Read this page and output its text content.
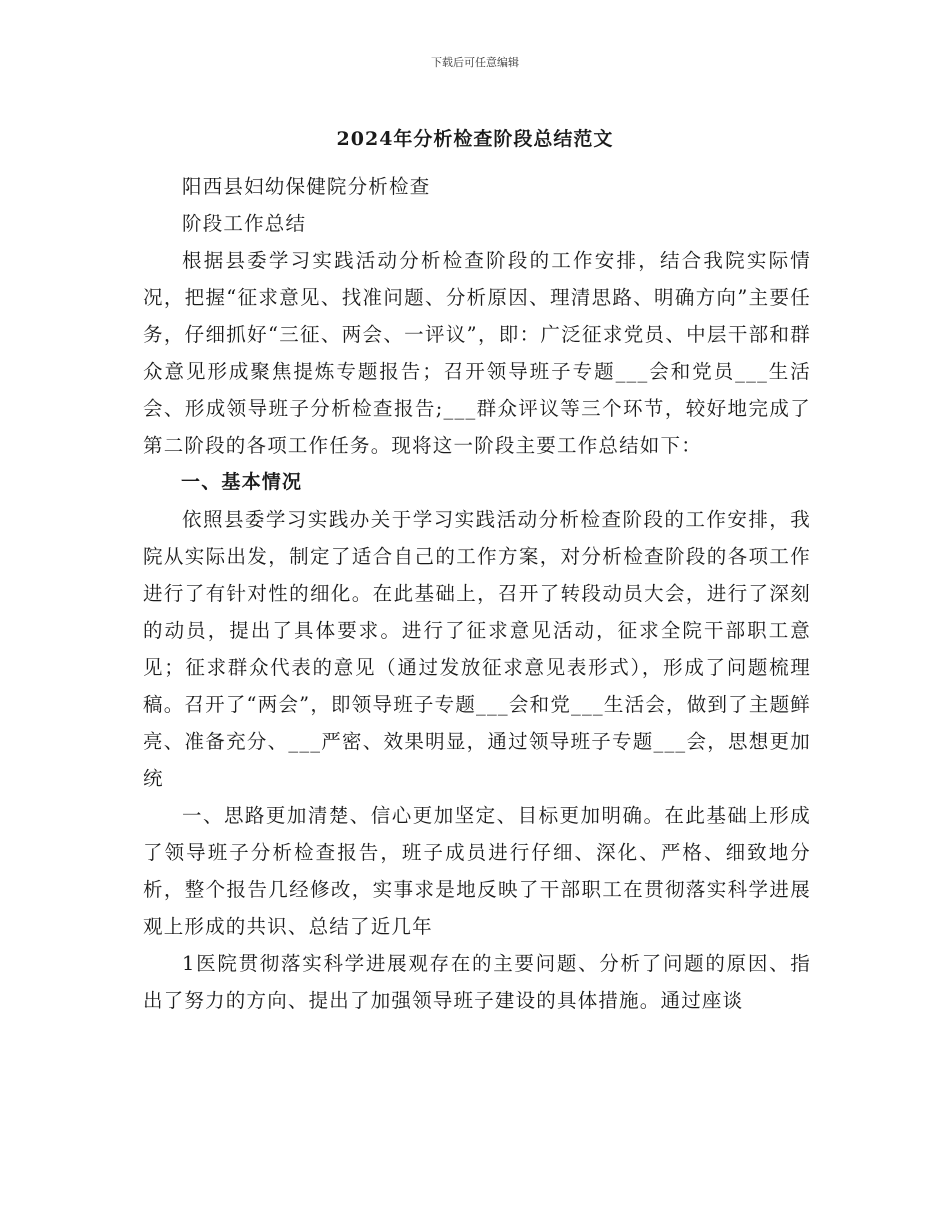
下载后可任意编辑
2024年分析检查阶段总结范文

阳西县妇幼保健院分析检查

阶段工作总结

根据县委学习实践活动分析检查阶段的工作安排，结合我院实际情况，把握“征求意见、找准问题、分析原因、理清思路、明确方向”主要任务，仔细抓好“三征、两会、一评议”，即：广泛征求党员、中层干部和群众意见形成聚焦提炼专题报告；召开领导班子专题___会和党员___生活会、形成领导班子分析检查报告;___群众评议等三个环节，较好地完成了第二阶段的各项工作任务。现将这一阶段主要工作总结如下：

一、基本情况

依照县委学习实践办关于学习实践活动分析检查阶段的工作安排，我院从实际出发，制定了适合自己的工作方案，对分析检查阶段的各项工作进行了有针对性的细化。在此基础上，召开了转段动员大会，进行了深刻的动员，提出了具体要求。进行了征求意见活动，征求全院干部职工意见；征求群众代表的意见（通过发放征求意见表形式），形成了问题梳理稿。召开了“两会”，即领导班子专题___会和党___生活会，做到了主题鲜亮、准备充分、___严密、效果明显，通过领导班子专题___会，思想更加统

一、思路更加清楚、信心更加坚定、目标更加明确。在此基础上形成了领导班子分析检查报告，班子成员进行仔细、深化、严格、细致地分析，整个报告几经修改，实事求是地反映了干部职工在贯彻落实科学进展观上形成的共识、总结了近几年

1医院贯彻落实科学进展观存在的主要问题、分析了问题的原因、指出了努力的方向、提出了加强领导班子建设的具体措施。通过座谈
